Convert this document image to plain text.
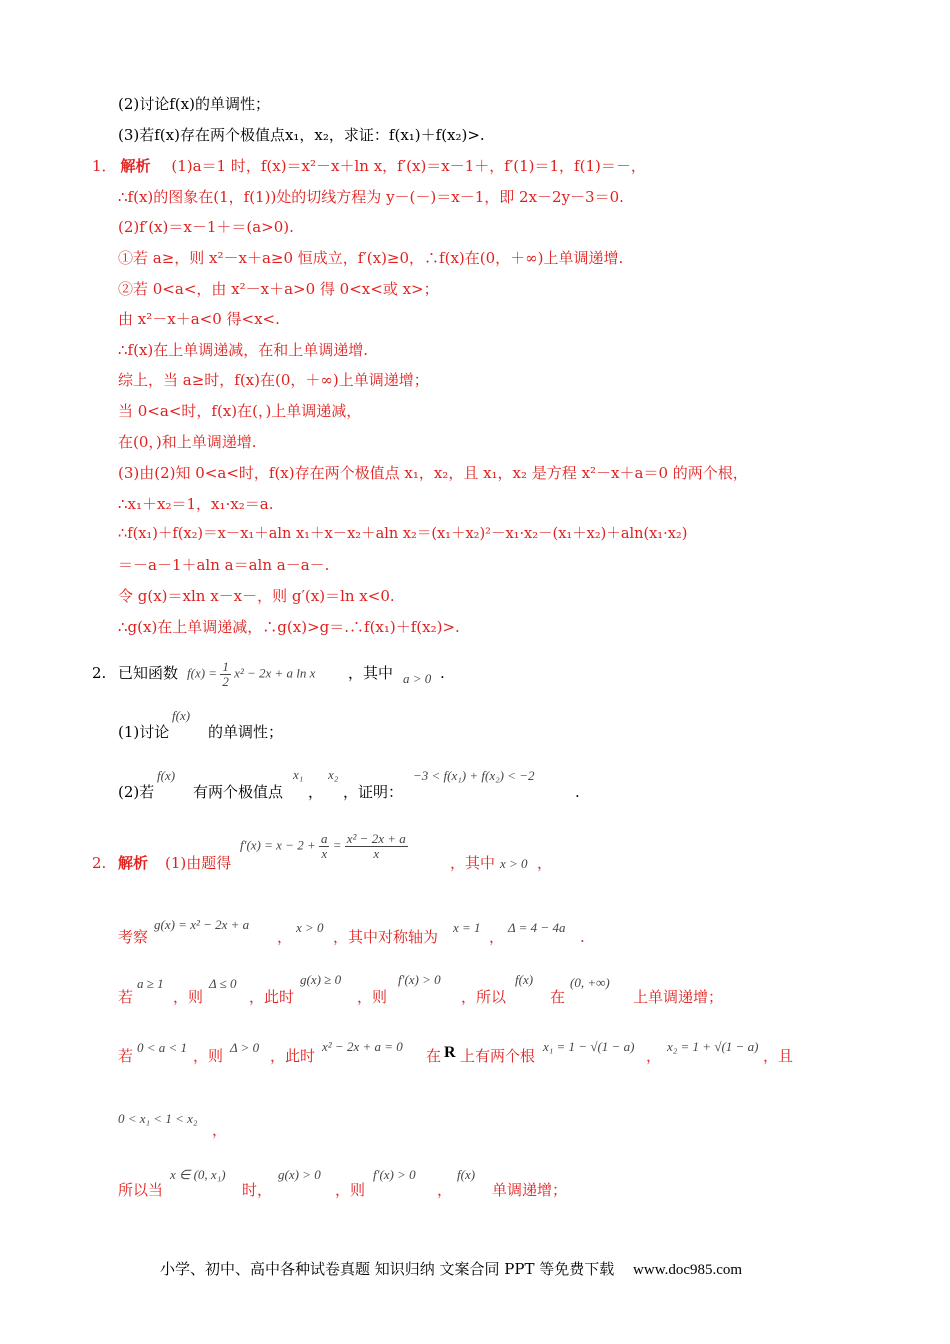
(2)讨论f(x)的单调性；
(3)若f(x)存在两个极值点x₁，x₂，求证：f(x₁)＋f(x₂)>.
1． 解析 (1)a＝1 时，f(x)＝x²－x＋ln x，f′(x)＝x－1＋，f′(1)＝1，f(1)＝－，
∴f(x)的图象在(1，f(1))处的切线方程为 y－(－)＝x－1，即 2x－2y－3＝0.
(2)f′(x)＝x－1＋＝(a>0).
①若 a≥，则 x²－x＋a≥0 恒成立，f′(x)≥0，∴f(x)在(0，＋∞)上单调递增.
②若 0<a<，由 x²－x＋a>0 得 0<x<或 x>；
由 x²－x＋a<0 得<x<.
∴f(x)在上单调递减，在和上单调递增.
综上，当 a≥时，f(x)在(0，＋∞)上单调递增；
当 0<a<时，f(x)在(，)上单调递减，
在(0，)和上单调递增.
(3)由(2)知 0<a<时，f(x)存在两个极值点 x₁，x₂，且 x₁，x₂ 是方程 x²－x＋a＝0 的两个根，
∴x₁＋x₂＝1，x₁·x₂＝a.
∴f(x₁)＋f(x₂)＝x－x₁＋aln x₁＋x－x₂＋aln x₂＝(x₁＋x₂)²－x₁·x₂－(x₁＋x₂)＋aln(x₁·x₂)
＝－a－1＋aln a＝aln a－a－.
令 g(x)＝xln x－x－，则 g′(x)＝ln x<0.
∴g(x)在上单调递减，∴g(x)>g＝.∴f(x₁)＋f(x₂)>.
2. 已知函数 $f(x) = \frac{1}{2} x^2 - 2x + a$ ln x ，其中 a > 0 .
(1)讨论
f(x)
的单调性；
(2)若
f(x)
有两个极值点
x₁
，
x₂
，证明：
−3 < f(x₁) + f(x₂) < −2
.
2. 解析 (1)由题得
$f'(x) = x - 2 + \frac{a}{x} = \frac{\text{x² − 2x + a}}{x}$
，其中 x > 0 ，
考察
g(x) = x² − 2x + a
，
x > 0
，其中对称轴为
x = 1
，
Δ = 4 − 4a
.
若
a ≥ 1
，则
Δ ≤ 0
，此时
g(x) ≥ 0
，则
f′(x) > 0
，所以
f(x)
在
(0, +∞)
上单调递增；
若 0 < a < 1 ，则 Δ > 0 ，此时
x² − 2x + a = 0
在 R 上有两个根
x₁ = 1 − √(1 − a)
，
x₂ = 1 + √(1 − a)
，且
0 < x₁ < 1 < x₂
，
所以当
x ∈ (0, x₁)
时，
g(x) > 0
，则
f′(x) > 0
，
f(x)
单调递增；
小学、初中、高中各种试卷真题 知识归纳 文案合同 PPT 等免费下载 www.doc985.com
